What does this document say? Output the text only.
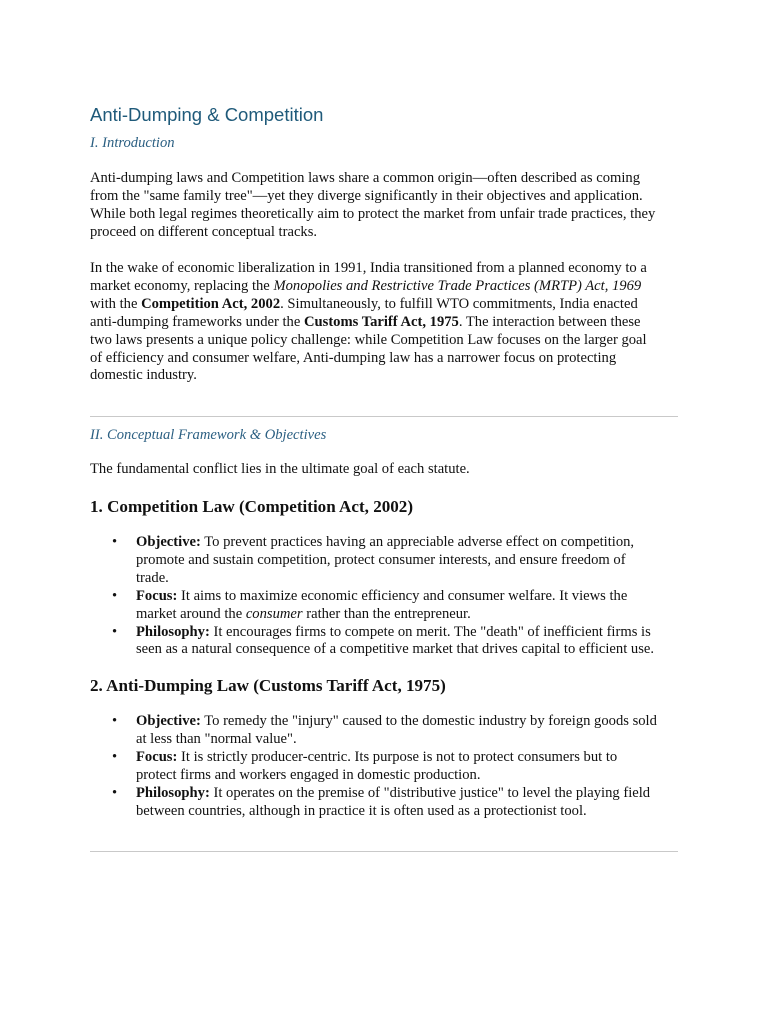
Anti-Dumping & Competition
I. Introduction

Anti-dumping laws and Competition laws share a common origin—often described as coming
from the "same family tree"—yet they diverge significantly in their objectives and application.
While both legal regimes theoretically aim to protect the market from unfair trade practices, they
proceed on different conceptual tracks.

In the wake of economic liberalization in 1991, India transitioned from a planned economy to a
market economy, replacing the Monopolies and Restrictive Trade Practices (MRTP) Act, 1969
with the Competition Act, 2002. Simultaneously, to fulfill WTO commitments, India enacted
anti-dumping frameworks under the Customs Tariff Act, 1975. The interaction between these
two laws presents a unique policy challenge: while Competition Law focuses on the larger goal
of efficiency and consumer welfare, Anti-dumping law has a narrower focus on protecting
domestic industry.

II. Conceptual Framework & Objectives

The fundamental conflict lies in the ultimate goal of each statute.

1. Competition Law (Competition Act, 2002)
• Objective: To prevent practices having an appreciable adverse effect on competition,
promote and sustain competition, protect consumer interests, and ensure freedom of
trade.
• Focus: It aims to maximize economic efficiency and consumer welfare. It views the
market around the consumer rather than the entrepreneur.
• Philosophy: It encourages firms to compete on merit. The "death" of inefficient firms is
seen as a natural consequence of a competitive market that drives capital to efficient use.
2. Anti-Dumping Law (Customs Tariff Act, 1975)
• Objective: To remedy the "injury" caused to the domestic industry by foreign goods sold
at less than "normal value".
• Focus: It is strictly producer-centric. Its purpose is not to protect consumers but to
protect firms and workers engaged in domestic production.
• Philosophy: It operates on the premise of "distributive justice" to level the playing field
between countries, although in practice it is often used as a protectionist tool.
